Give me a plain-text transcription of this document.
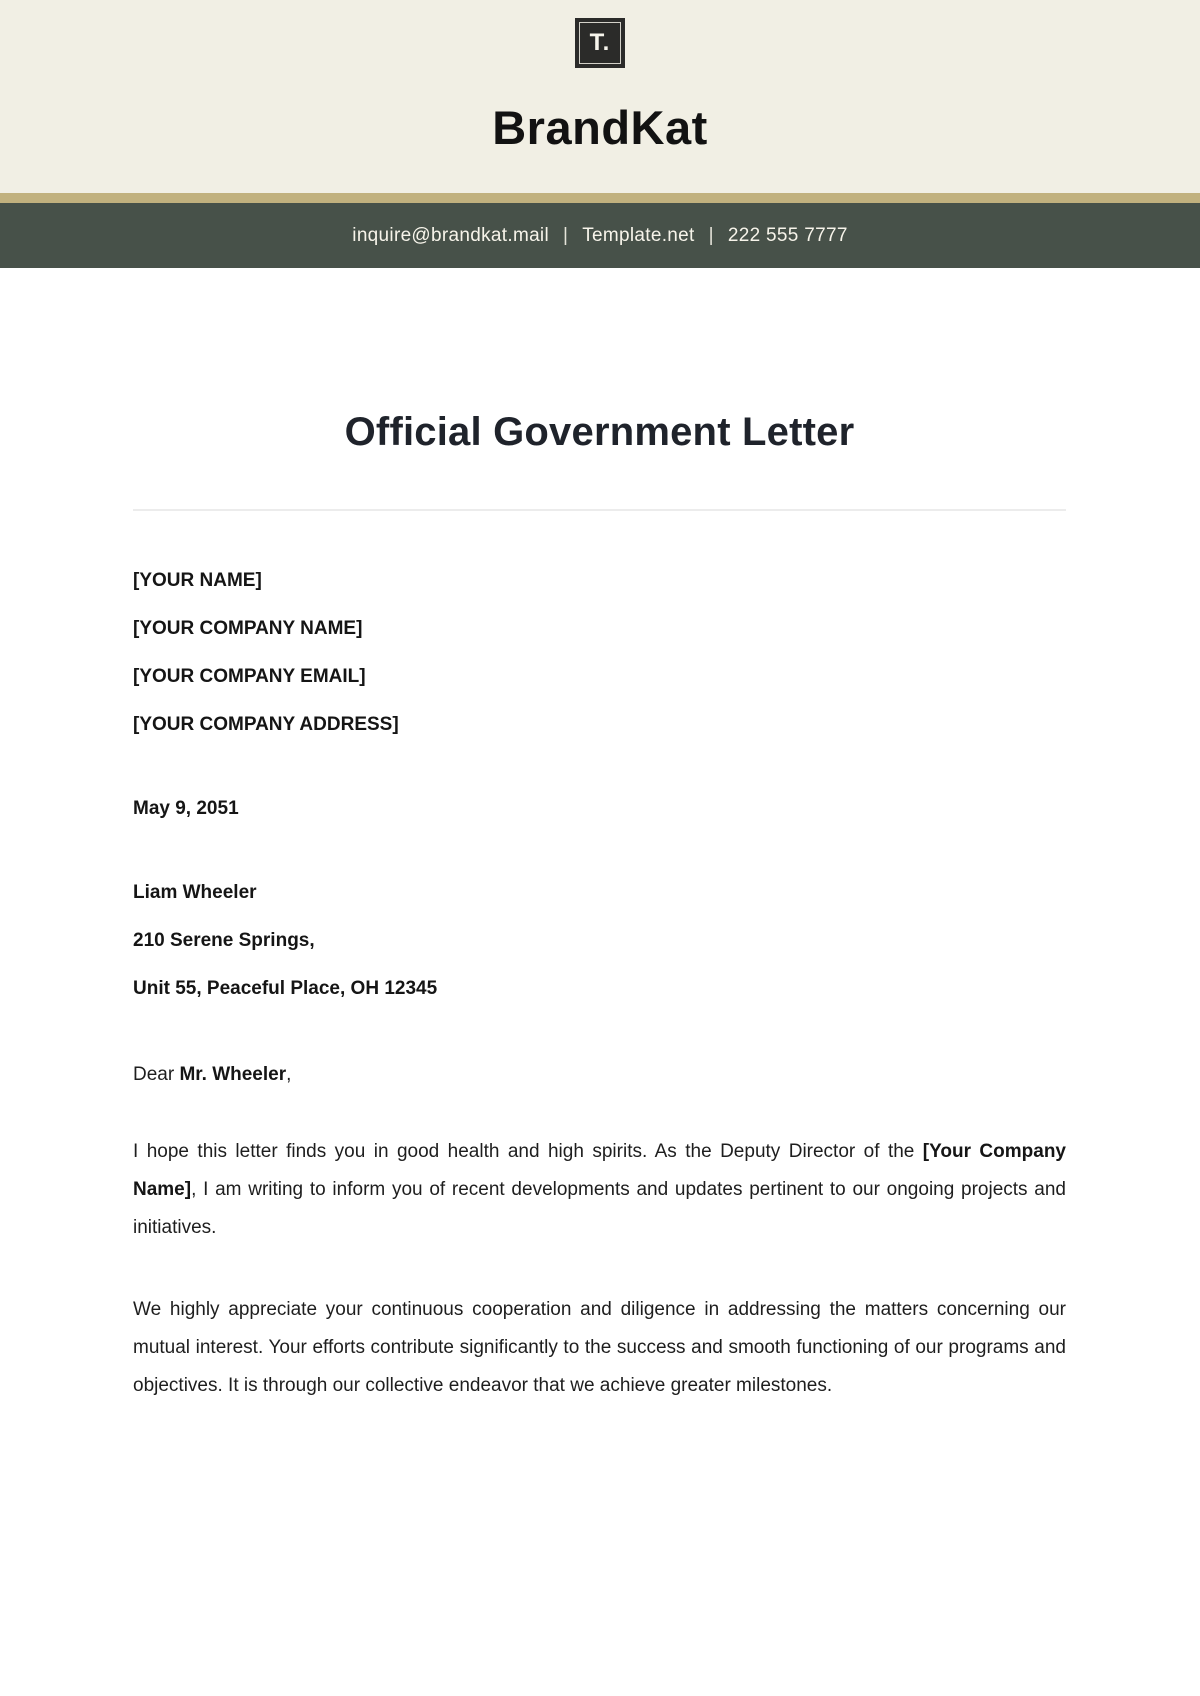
T.
BrandKat
inquire@brandkat.mail | Template.net | 222 555 7777
Official Government Letter

[YOUR NAME]

[YOUR COMPANY NAME]

[YOUR COMPANY EMAIL]

[YOUR COMPANY ADDRESS]

May 9, 2051

Liam Wheeler

210 Serene Springs,

Unit 55, Peaceful Place, OH 12345

Dear Mr. Wheeler,

I hope this letter finds you in good health and high spirits. As the Deputy Director of the [Your Company Name], I am writing to inform you of recent developments and updates pertinent to our ongoing projects and initiatives.

We highly appreciate your continuous cooperation and diligence in addressing the matters concerning our mutual interest. Your efforts contribute significantly to the success and smooth functioning of our programs and objectives. It is through our collective endeavor that we achieve greater milestones.
